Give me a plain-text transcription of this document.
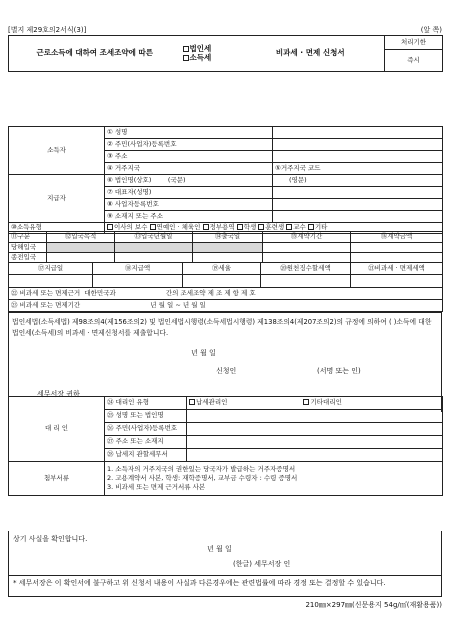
[별지 제29호의2서식(3)]	(앞 쪽)
근로소득에 대하여 조세조약에 따른	법인세
소득세	비과세 · 면제 신청서	처리기한
즉시
소득자	① 성명	
	② 주민(사업자)등록번호	
	③ 주소	
	④ 거주지국	⑤거주지국 코드
지급자	⑥ 법인명(상호) (국문)	(영문)
	⑦ 대표자(성명)	
	⑧ 사업자등록번호	
	⑨ 소재지 또는 주소	
⑩소득유형	이사의 보수 연예인 · 체육인 정부용역 학생 훈련생 교수 기타	
⑪구분	⑫입국목적	⑬입국년월일	⑭출국일	⑮계약기간	⑯계약금액
당해입국					
종전입국					
⑰지급일	⑱지급액	⑲세율	⑳원천징수할세액	㉑비과세 · 면제세액

㉒ 비과세 또는 면제근거 대한민국과 간의 조세조약 제 조 제 항 제 호				
㉓ 비과세 또는 면제기간 년 월 일 ~ 년 월 일				
법인세법(소득세법) 제98조의4(제156조의2) 및 법인세법시행령(소득세법시행령) 제138조의4(제207조의2)의 규정에 의하여 ( )소득에 대한 법인세(소득세)의 비과세 · 면제신청서를 제출합니다.
년 월 일
신청인	(서명 또는 인)
세무서장 귀하
대 리 인	㉔ 대리인 유형	납세관리인 기타대리인
	㉕ 성명 또는 법인명	
	㉖ 주민(사업자)등록번호	
	㉗ 주소 또는 소재지	
	㉘ 납세지 관할세무서	
첨부서류	1. 소득자의 거주지국의 권한있는 당국자가 발급하는 거주자증명서
2. 고용계약서 사본, 학생: 재학증명서, 교부금 수령자 : 수령 증명서
3. 비과세 또는 면제 근거서류 사본	
상기 사실을 확인합니다.
년 월 일
(한글) 세무서장 인
* 세무서장은 이 확인서에 불구하고 위 신청서 내용이 사실과 다른경우에는 관련법률에 따라 경정 또는 결정할 수 있습니다.
210㎜×297㎜(신문용지 54g/㎡(재활용품))
